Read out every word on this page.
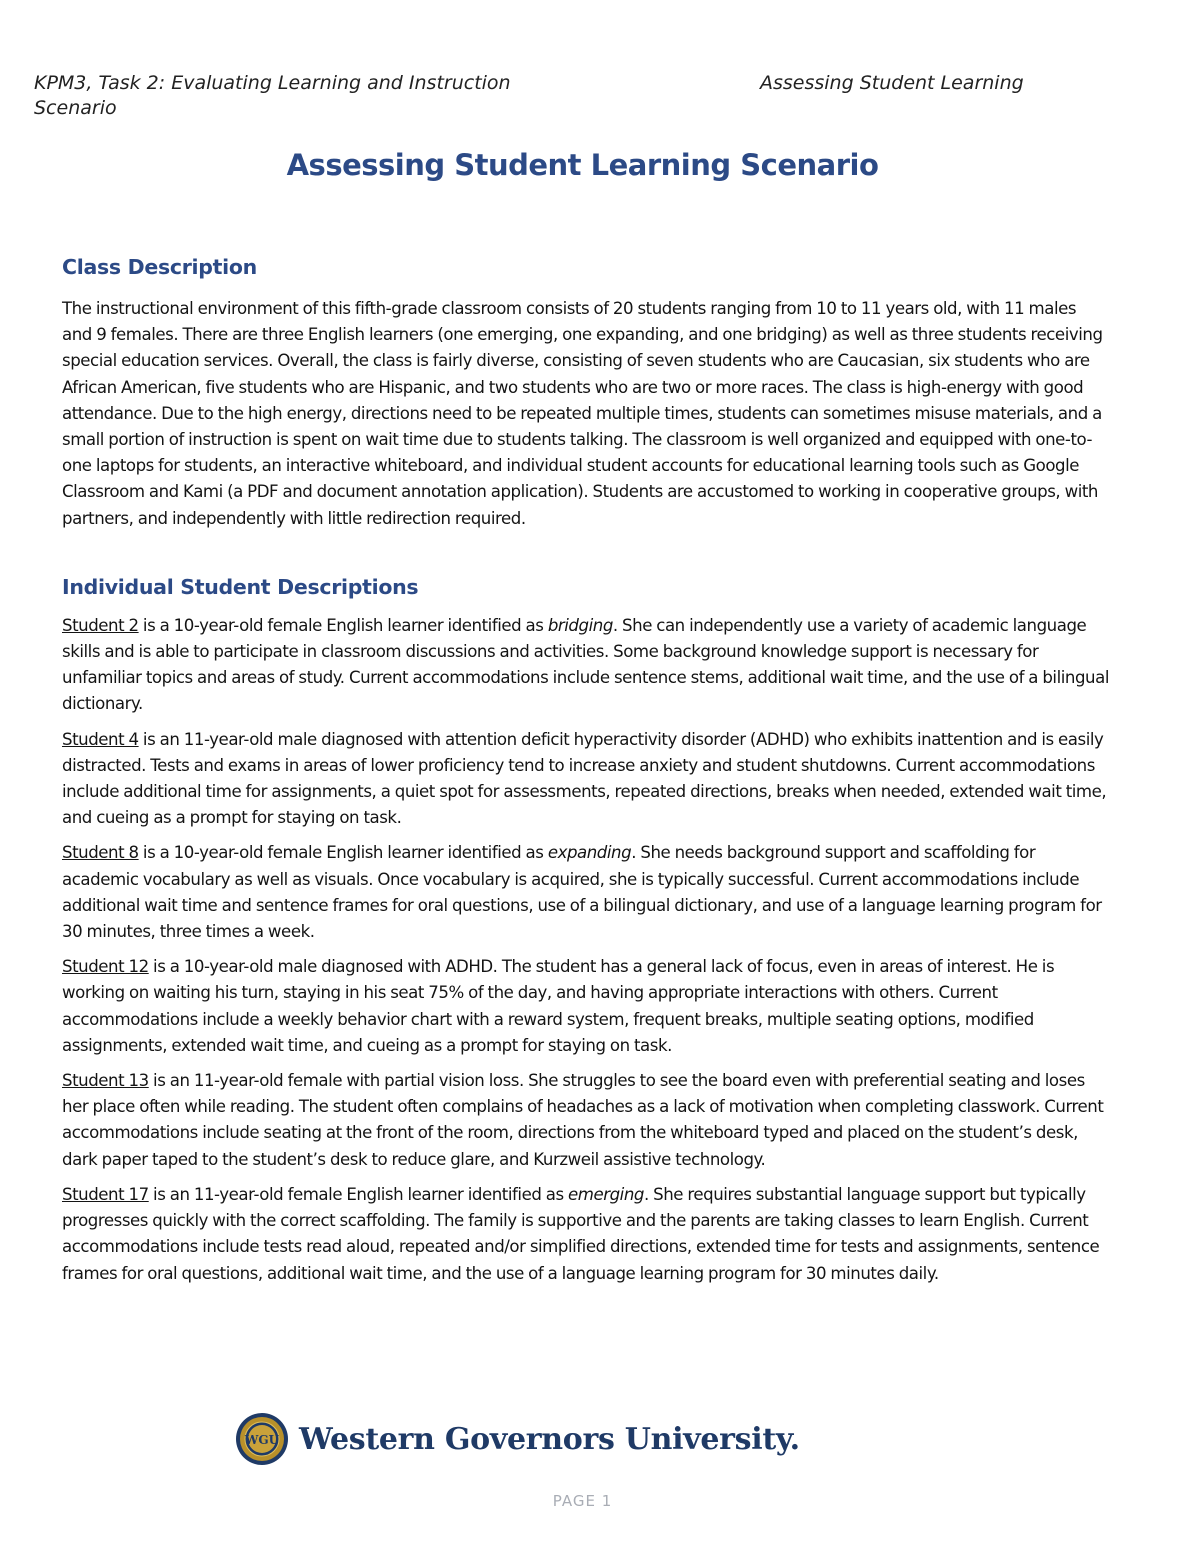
KPM3, Task 2: Evaluating Learning and Instruction Scenario
Assessing Student Learning
Assessing Student Learning Scenario
Class Description

The instructional environment of this fifth-grade classroom consists of 20 students ranging from 10 to 11 years old, with 11 males and 9 females. There are three English learners (one emerging, one expanding, and one bridging) as well as three students receiving special education services. Overall, the class is fairly diverse, consisting of seven students who are Caucasian, six students who are African American, five students who are Hispanic, and two students who are two or more races. The class is high-energy with good attendance. Due to the high energy, directions need to be repeated multiple times, students can sometimes misuse materials, and a small portion of instruction is spent on wait time due to students talking. The classroom is well organized and equipped with one-to-one laptops for students, an interactive whiteboard, and individual student accounts for educational learning tools such as Google Classroom and Kami (a PDF and document annotation application). Students are accustomed to working in cooperative groups, with partners, and independently with little redirection required.

Individual Student Descriptions

Student 2 is a 10-year-old female English learner identified as bridging. She can independently use a variety of academic language skills and is able to participate in classroom discussions and activities. Some background knowledge support is necessary for unfamiliar topics and areas of study. Current accommodations include sentence stems, additional wait time, and the use of a bilingual dictionary.

Student 4 is an 11-year-old male diagnosed with attention deficit hyperactivity disorder (ADHD) who exhibits inattention and is easily distracted. Tests and exams in areas of lower proficiency tend to increase anxiety and student shutdowns. Current accommodations include additional time for assignments, a quiet spot for assessments, repeated directions, breaks when needed, extended wait time, and cueing as a prompt for staying on task.

Student 8 is a 10-year-old female English learner identified as expanding. She needs background support and scaffolding for academic vocabulary as well as visuals. Once vocabulary is acquired, she is typically successful. Current accommodations include additional wait time and sentence frames for oral questions, use of a bilingual dictionary, and use of a language learning program for 30 minutes, three times a week.

Student 12 is a 10-year-old male diagnosed with ADHD. The student has a general lack of focus, even in areas of interest. He is working on waiting his turn, staying in his seat 75% of the day, and having appropriate interactions with others. Current accommodations include a weekly behavior chart with a reward system, frequent breaks, multiple seating options, modified assignments, extended wait time, and cueing as a prompt for staying on task.

Student 13 is an 11-year-old female with partial vision loss. She struggles to see the board even with preferential seating and loses her place often while reading. The student often complains of headaches as a lack of motivation when completing classwork. Current accommodations include seating at the front of the room, directions from the whiteboard typed and placed on the student’s desk, dark paper taped to the student’s desk to reduce glare, and Kurzweil assistive technology.

Student 17 is an 11-year-old female English learner identified as emerging. She requires substantial language support but typically progresses quickly with the correct scaffolding. The family is supportive and the parents are taking classes to learn English. Current accommodations include tests read aloud, repeated and/or simplified directions, extended time for tests and assignments, sentence frames for oral questions, additional wait time, and the use of a language learning program for 30 minutes daily.

WGU Western Governors University.
PAGE 1
